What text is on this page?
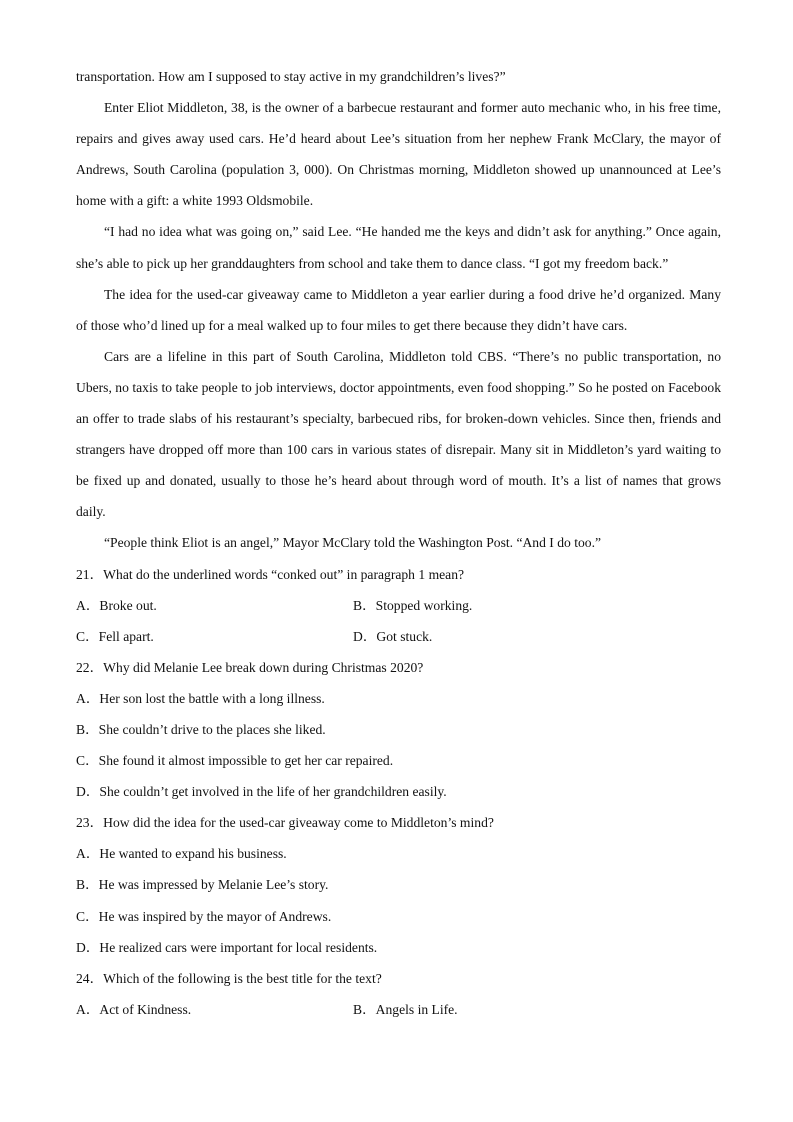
transportation. How am I supposed to stay active in my grandchildren’s lives?”

Enter Eliot Middleton, 38, is the owner of a barbecue restaurant and former auto mechanic who, in his free time, repairs and gives away used cars. He’d heard about Lee’s situation from her nephew Frank McClary, the mayor of Andrews, South Carolina (population 3, 000). On Christmas morning, Middleton showed up unannounced at Lee’s home with a gift: a white 1993 Oldsmobile.

“I had no idea what was going on,” said Lee. “He handed me the keys and didn’t ask for anything.” Once again, she’s able to pick up her granddaughters from school and take them to dance class. “I got my freedom back.”

The idea for the used-car giveaway came to Middleton a year earlier during a food drive he’d organized. Many of those who’d lined up for a meal walked up to four miles to get there because they didn’t have cars.

Cars are a lifeline in this part of South Carolina, Middleton told CBS. “There’s no public transportation, no Ubers, no taxis to take people to job interviews, doctor appointments, even food shopping.” So he posted on Facebook an offer to trade slabs of his restaurant’s specialty, barbecued ribs, for broken-down vehicles. Since then, friends and strangers have dropped off more than 100 cars in various states of disrepair. Many sit in Middleton’s yard waiting to be fixed up and donated, usually to those he’s heard about through word of mouth. It’s a list of names that grows daily.

“People think Eliot is an angel,” Mayor McClary told the Washington Post. “And I do too.”

21．What do the underlined words “conked out” in paragraph 1 mean?

A．Broke out.	B．Stopped working.
C．Fell apart.	D．Got stuck.

22．Why did Melanie Lee break down during Christmas 2020?

A．Her son lost the battle with a long illness.

B．She couldn’t drive to the places she liked.

C．She found it almost impossible to get her car repaired.

D．She couldn’t get involved in the life of her grandchildren easily.

23．How did the idea for the used-car giveaway come to Middleton’s mind?

A．He wanted to expand his business.

B．He was impressed by Melanie Lee’s story.

C．He was inspired by the mayor of Andrews.

D．He realized cars were important for local residents.

24．Which of the following is the best title for the text?

A．Act of Kindness.	B．Angels in Life.
